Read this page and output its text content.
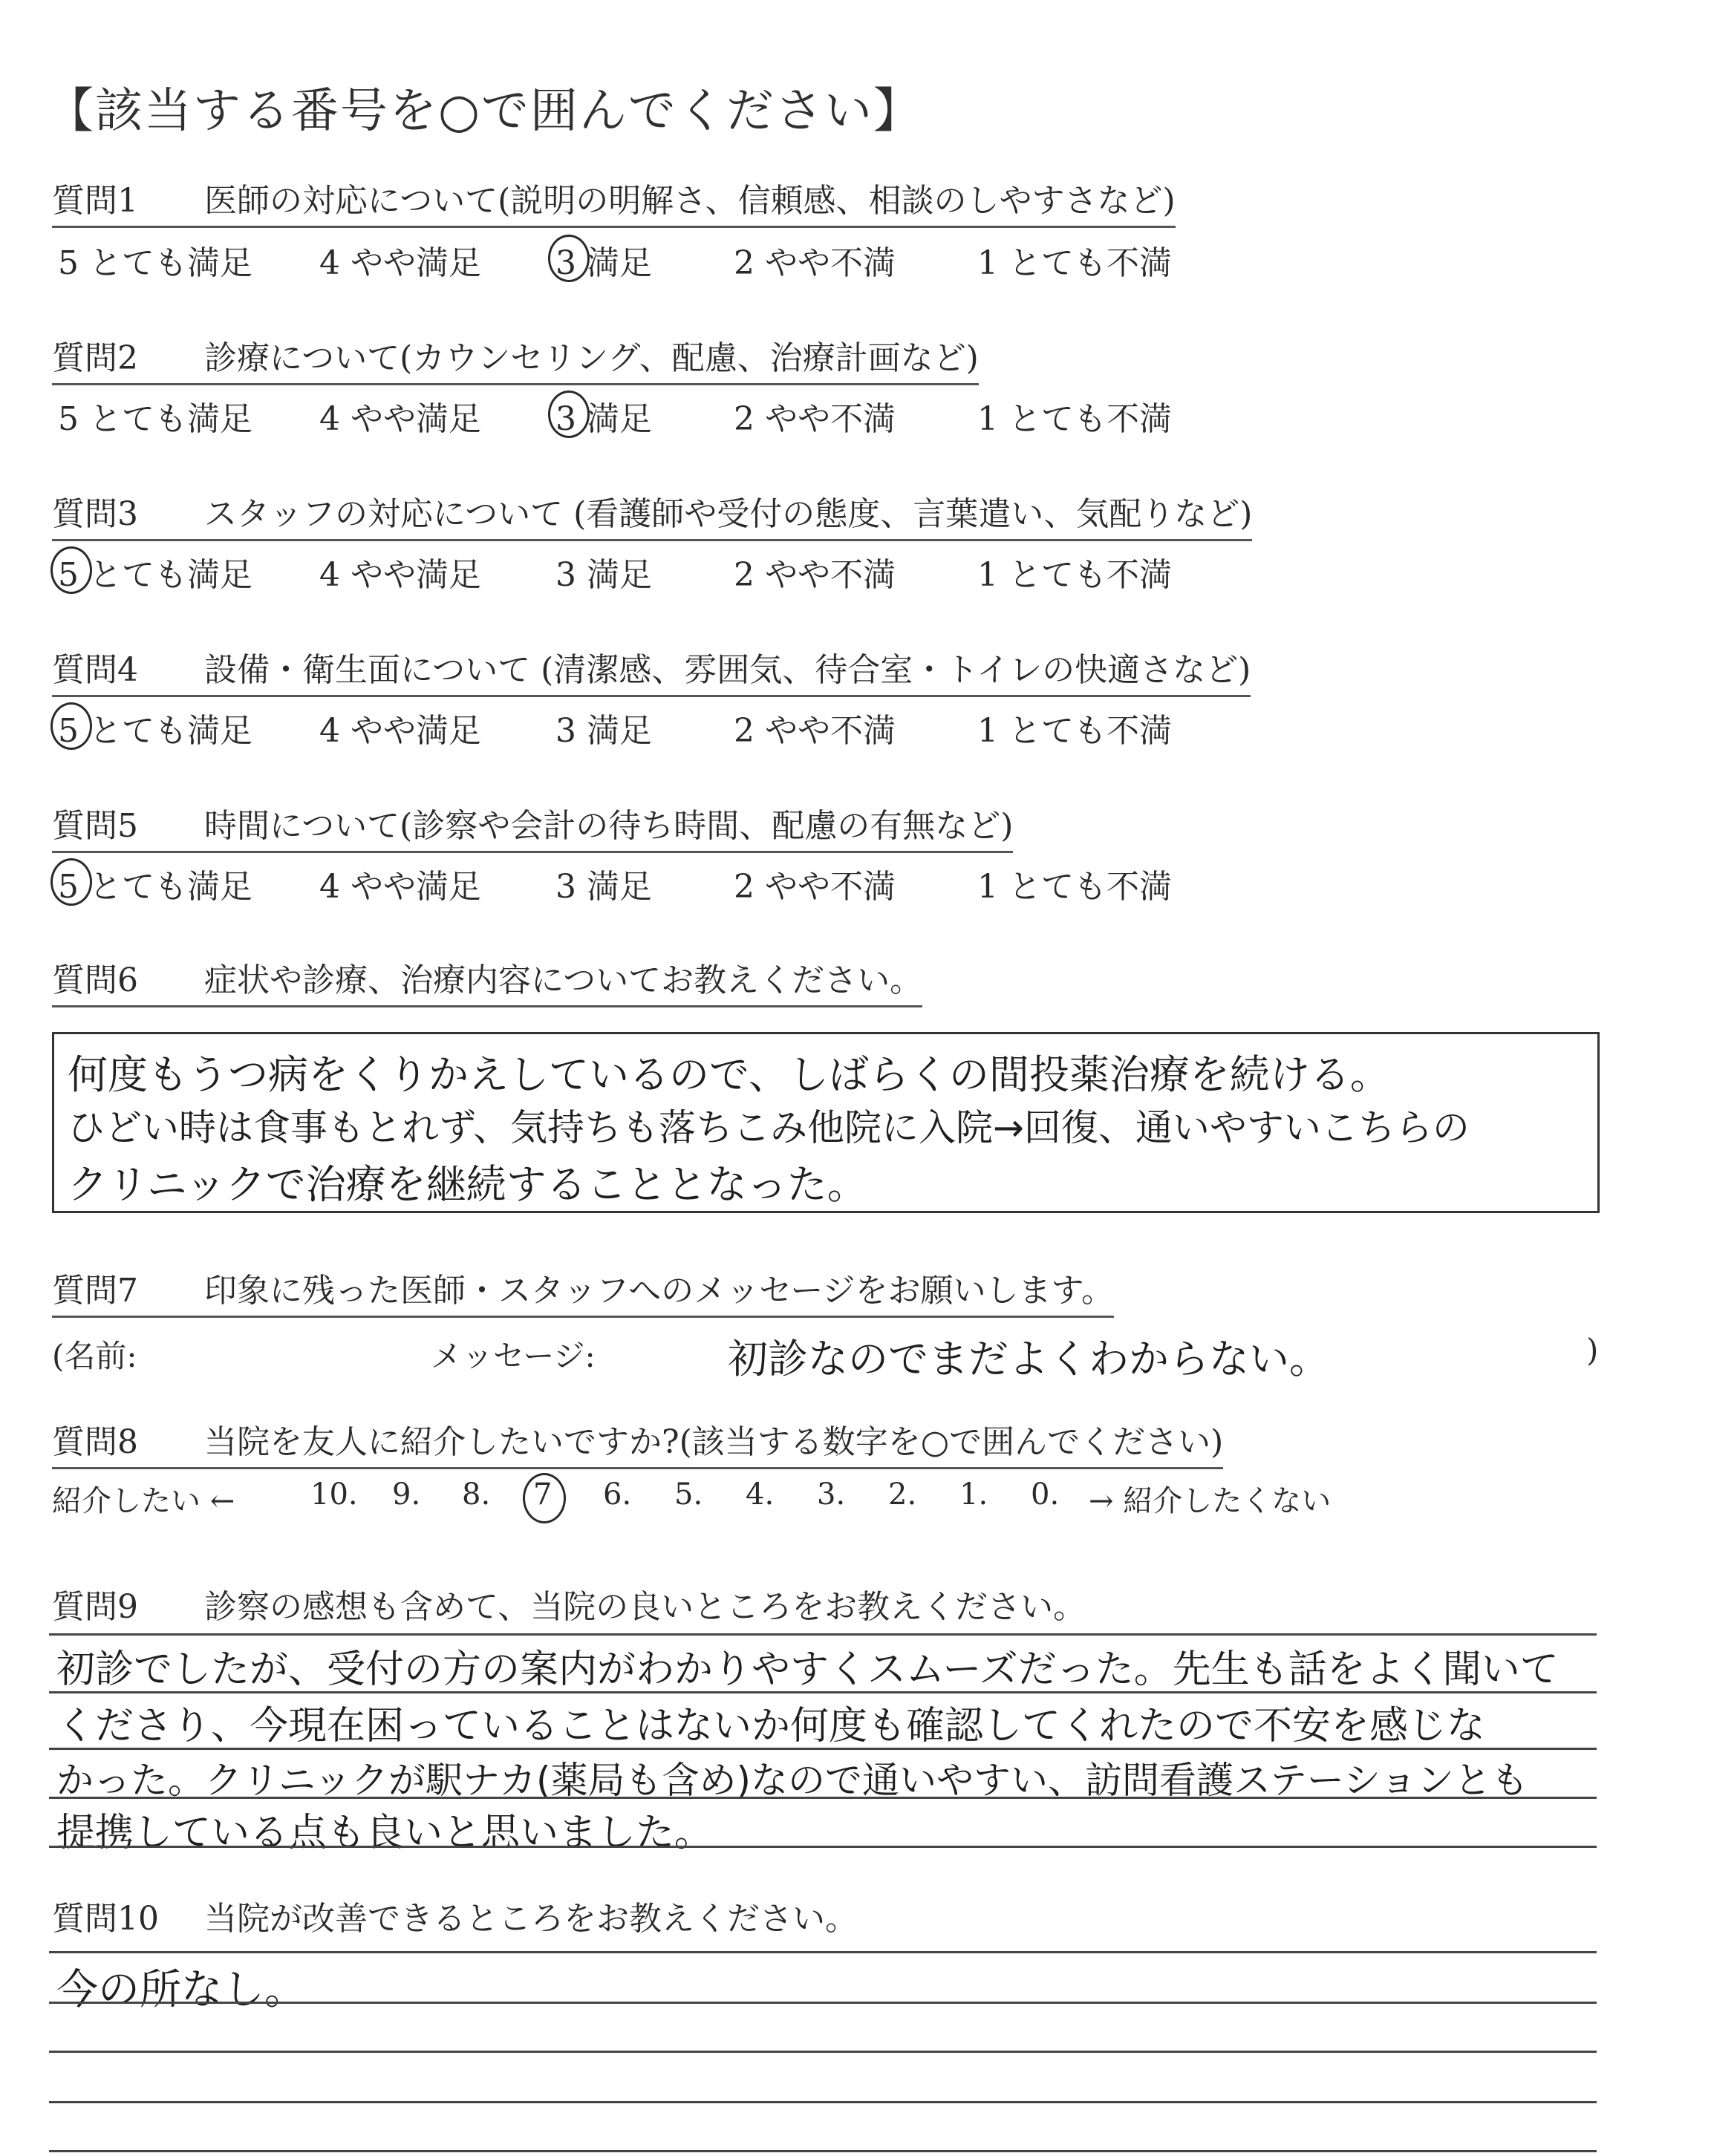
【該当する番号を○で囲んでください】
質問1 医師の対応について(説明の明解さ、信頼感、相談のしやすさなど)
5 とても満足 4 やや満足 3 満足	2 やや不満	1 とても不満
質問2 診療について(カウンセリング、配慮、治療計画など)
5 とても満足 4 やや満足 3 満足	2 やや不満	1 とても不満
質問3 スタッフの対応について (看護師や受付の態度、言葉遣い、気配りなど)
5 とても満足 4 やや満足 3 満足	2 やや不満	1 とても不満
質問4 設備・衛生面について (清潔感、雰囲気、待合室・トイレの快適さなど)
5 とても満足 4 やや満足 3 満足	2 やや不満	1 とても不満
質問5 時間について(診察や会計の待ち時間、配慮の有無など)
5 とても満足 4 やや満足 3 満足	2 やや不満	1 とても不満
質問6 症状や診療、治療内容についてお教えください。
何度もうつ病をくりかえしているので、しばらくの間投薬治療を続ける。
ひどい時は食事もとれず、気持ちも落ちこみ他院に入院→回復、通いやすいこちらの
クリニックで治療を継続することとなった。
質問7 印象に残った医師・スタッフへのメッセージをお願いします。
(名前:	メッセージ:	初診なのでまだよくわからない。	)
質問8 当院を友人に紹介したいですか?(該当する数字を○で囲んでください)
紹介したい ←	10. 9. 8. 7 6. 5. 4. 3. 2. 1. 0. → 紹介したくない
質問9 診察の感想も含めて、当院の良いところをお教えください。
初診でしたが、受付の方の案内がわかりやすくスムーズだった。先生も話をよく聞いて
くださり、今現在困っていることはないか何度も確認してくれたので不安を感じな
かった。クリニックが駅ナカ(薬局も含め)なので通いやすい、訪問看護ステーションとも
提携している点も良いと思いました。
質問10 当院が改善できるところをお教えください。
今の所なし。
